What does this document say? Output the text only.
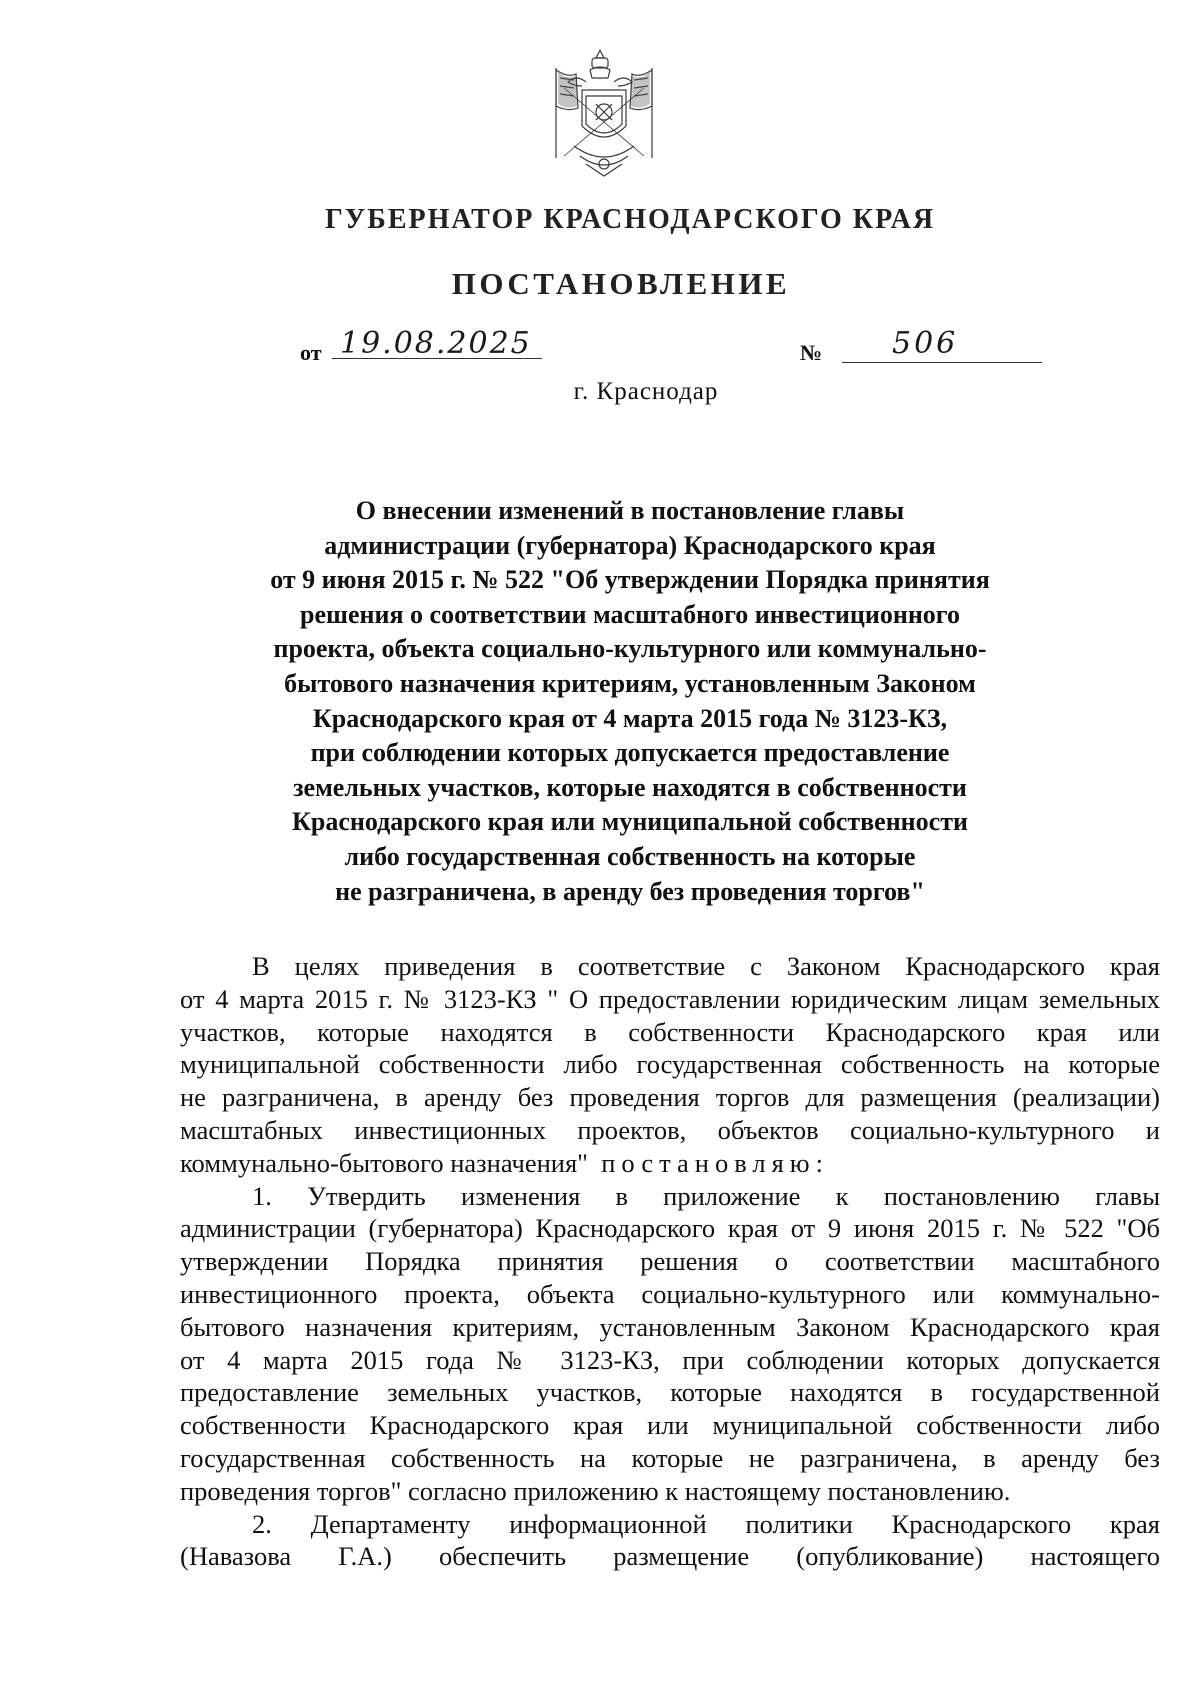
ГУБЕРНАТОР КРАСНОДАРСКОГО КРАЯ
ПОСТАНОВЛЕНИЕ
от 19.08.2025	№ 506
г. Краснодар
О внесении изменений в постановление главы
администрации (губернатора) Краснодарского края
от 9 июня 2015 г. № 522 "Об утверждении Порядка принятия
решения о соответствии масштабного инвестиционного
проекта, объекта социально-культурного или коммунально-
бытового назначения критериям, установленным Законом
Краснодарского края от 4 марта 2015 года № 3123-КЗ,
при соблюдении которых допускается предоставление
земельных участков, которые находятся в собственности
Краснодарского края или муниципальной собственности
либо государственная собственность на которые
не разграничена, в аренду без проведения торгов"
В целях приведения в соответствие с Законом Краснодарского края
от 4 марта 2015 г. № 3123-КЗ " О предоставлении юридическим лицам земельных
участков, которые находятся в собственности Краснодарского края или
муниципальной собственности либо государственная собственность на которые
не разграничена, в аренду без проведения торгов для размещения (реализации)
масштабных инвестиционных проектов, объектов социально-культурного и
коммунально-бытового назначения" постановляю:
1. Утвердить изменения в приложение к постановлению главы
администрации (губернатора) Краснодарского края от 9 июня 2015 г. № 522 "Об
утверждении Порядка принятия решения о соответствии масштабного
инвестиционного проекта, объекта социально-культурного или коммунально-
бытового назначения критериям, установленным Законом Краснодарского края
от 4 марта 2015 года № 3123-КЗ, при соблюдении которых допускается
предоставление земельных участков, которые находятся в государственной
собственности Краснодарского края или муниципальной собственности либо
государственная собственность на которые не разграничена, в аренду без
проведения торгов" согласно приложению к настоящему постановлению.
2. Департаменту информационной политики Краснодарского края
(Навазова Г.А.) обеспечить размещение (опубликование) настоящего
